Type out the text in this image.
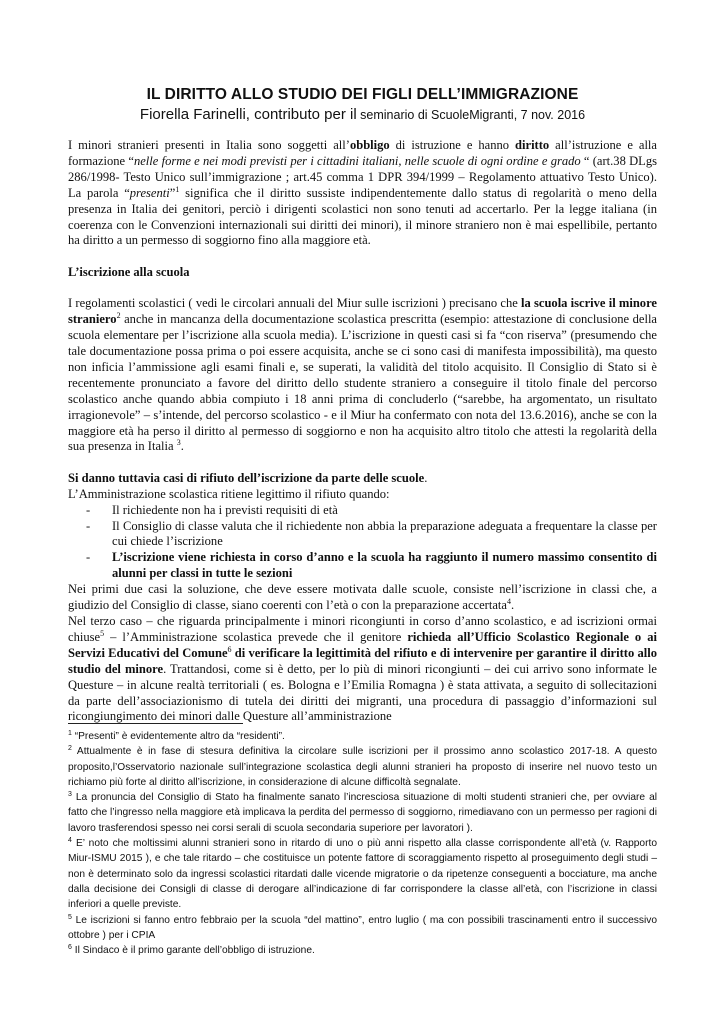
IL DIRITTO ALLO STUDIO DEI FIGLI DELL’IMMIGRAZIONE
Fiorella Farinelli, contributo per il seminario di ScuoleMigranti, 7 nov. 2016

I minori stranieri presenti in Italia sono soggetti all’obbligo di istruzione e hanno diritto all’istruzione e alla formazione “nelle forme e nei modi previsti per i cittadini italiani, nelle scuole di ogni ordine e grado “ (art.38 DLgs 286/1998- Testo Unico sull’immigrazione ; art.45 comma 1 DPR 394/1999 – Regolamento attuativo Testo Unico). La parola “presenti”$^1$ significa che il diritto sussiste indipendentemente dallo status di regolarità o meno della presenza in Italia dei genitori, perciò i dirigenti scolastici non sono tenuti ad accertarlo. Per la legge italiana (in coerenza con le Convenzioni internazionali sui diritti dei minori), il minore straniero non è mai espellibile, pertanto ha diritto a un permesso di soggiorno fino alla maggiore età.

L’iscrizione alla scuola

I regolamenti scolastici ( vedi le circolari annuali del Miur sulle iscrizioni ) precisano che la scuola iscrive il minore straniero$^2$ anche in mancanza della documentazione scolastica prescritta (esempio: attestazione di conclusione della scuola elementare per l’iscrizione alla scuola media). L’iscrizione in questi casi si fa “con riserva” (presumendo che tale documentazione possa prima o poi essere acquisita, anche se ci sono casi di manifesta impossibilità), ma questo non inficia l’ammissione agli esami finali e, se superati, la validità del titolo acquisito. Il Consiglio di Stato si è recentemente pronunciato a favore del diritto dello studente straniero a conseguire il titolo finale del percorso scolastico anche quando abbia compiuto i 18 anni prima di concluderlo (“sarebbe, ha argomentato, un risultato irragionevole” – s’intende, del percorso scolastico - e il Miur ha confermato con nota del 13.6.2016), anche se con la maggiore età ha perso il diritto al permesso di soggiorno e non ha acquisito altro titolo che attesti la regolarità della sua presenza in Italia $^3$.

Si danno tuttavia casi di rifiuto dell’iscrizione da parte delle scuole.

L’Amministrazione scolastica ritiene legittimo il rifiuto quando:

- Il richiedente non ha i previsti requisiti di età
- Il Consiglio di classe valuta che il richiedente non abbia la preparazione adeguata a frequentare la classe per cui chiede l’iscrizione
- L’iscrizione viene richiesta in corso d’anno e la scuola ha raggiunto il numero massimo consentito di alunni per classi in tutte le sezioni

Nei primi due casi la soluzione, che deve essere motivata dalle scuole, consiste nell’iscrizione in classi che, a giudizio del Consiglio di classe, siano coerenti con l’età o con la preparazione accertata$^4$.

Nel terzo caso – che riguarda principalmente i minori ricongiunti in corso d’anno scolastico, e ad iscrizioni ormai chiuse$^5$ – l’Amministrazione scolastica prevede che il genitore richieda all’Ufficio Scolastico Regionale o ai Servizi Educativi del Comune$^6$ di verificare la legittimità del rifiuto e di intervenire per garantire il diritto allo studio del minore. Trattandosi, come si è detto, per lo più di minori ricongiunti – dei cui arrivo sono informate le Questure – in alcune realtà territoriali ( es. Bologna e l’Emilia Romagna ) è stata attivata, a seguito di sollecitazioni da parte dell’associazionismo di tutela dei diritti dei migranti, una procedura di passaggio d’informazioni sul ricongiungimento dei minori dalle Questure all’amministrazione

$^1$ “Presenti” è evidentemente altro da “residenti”.

$^2$ Attualmente è in fase di stesura definitiva la circolare sulle iscrizioni per il prossimo anno scolastico 2017-18. A questo proposito,l’Osservatorio nazionale sull’integrazione scolastica degli alunni stranieri ha proposto di inserire nel nuovo testo un richiamo più forte al diritto all’iscrizione, in considerazione di alcune difficoltà segnalate.

$^3$ La pronuncia del Consiglio di Stato ha finalmente sanato l’incresciosa situazione di molti studenti stranieri che, per ovviare al fatto che l’ingresso nella maggiore età implicava la perdita del permesso di soggiorno, rimediavano con un permesso per ragioni di lavoro trasferendosi spesso nei corsi serali di scuola secondaria superiore per lavoratori ).

$^4$ E’ noto che moltissimi alunni stranieri sono in ritardo di uno o più anni rispetto alla classe corrispondente all’età (v. Rapporto Miur-ISMU 2015 ), e che tale ritardo – che costituisce un potente fattore di scoraggiamento rispetto al proseguimento degli studi – non è determinato solo da ingressi scolastici ritardati dalle vicende migratorie o da ripetenze conseguenti a bocciature, ma anche dalla decisione dei Consigli di classe di derogare all’indicazione di far corrispondere la classe all’età, con l’iscrizione in classi inferiori a quelle previste.

$^5$ Le iscrizioni si fanno entro febbraio per la scuola “del mattino”, entro luglio ( ma con possibili trascinamenti entro il successivo ottobre ) per i CPIA

$^6$ Il Sindaco è il primo garante dell’obbligo di istruzione.
